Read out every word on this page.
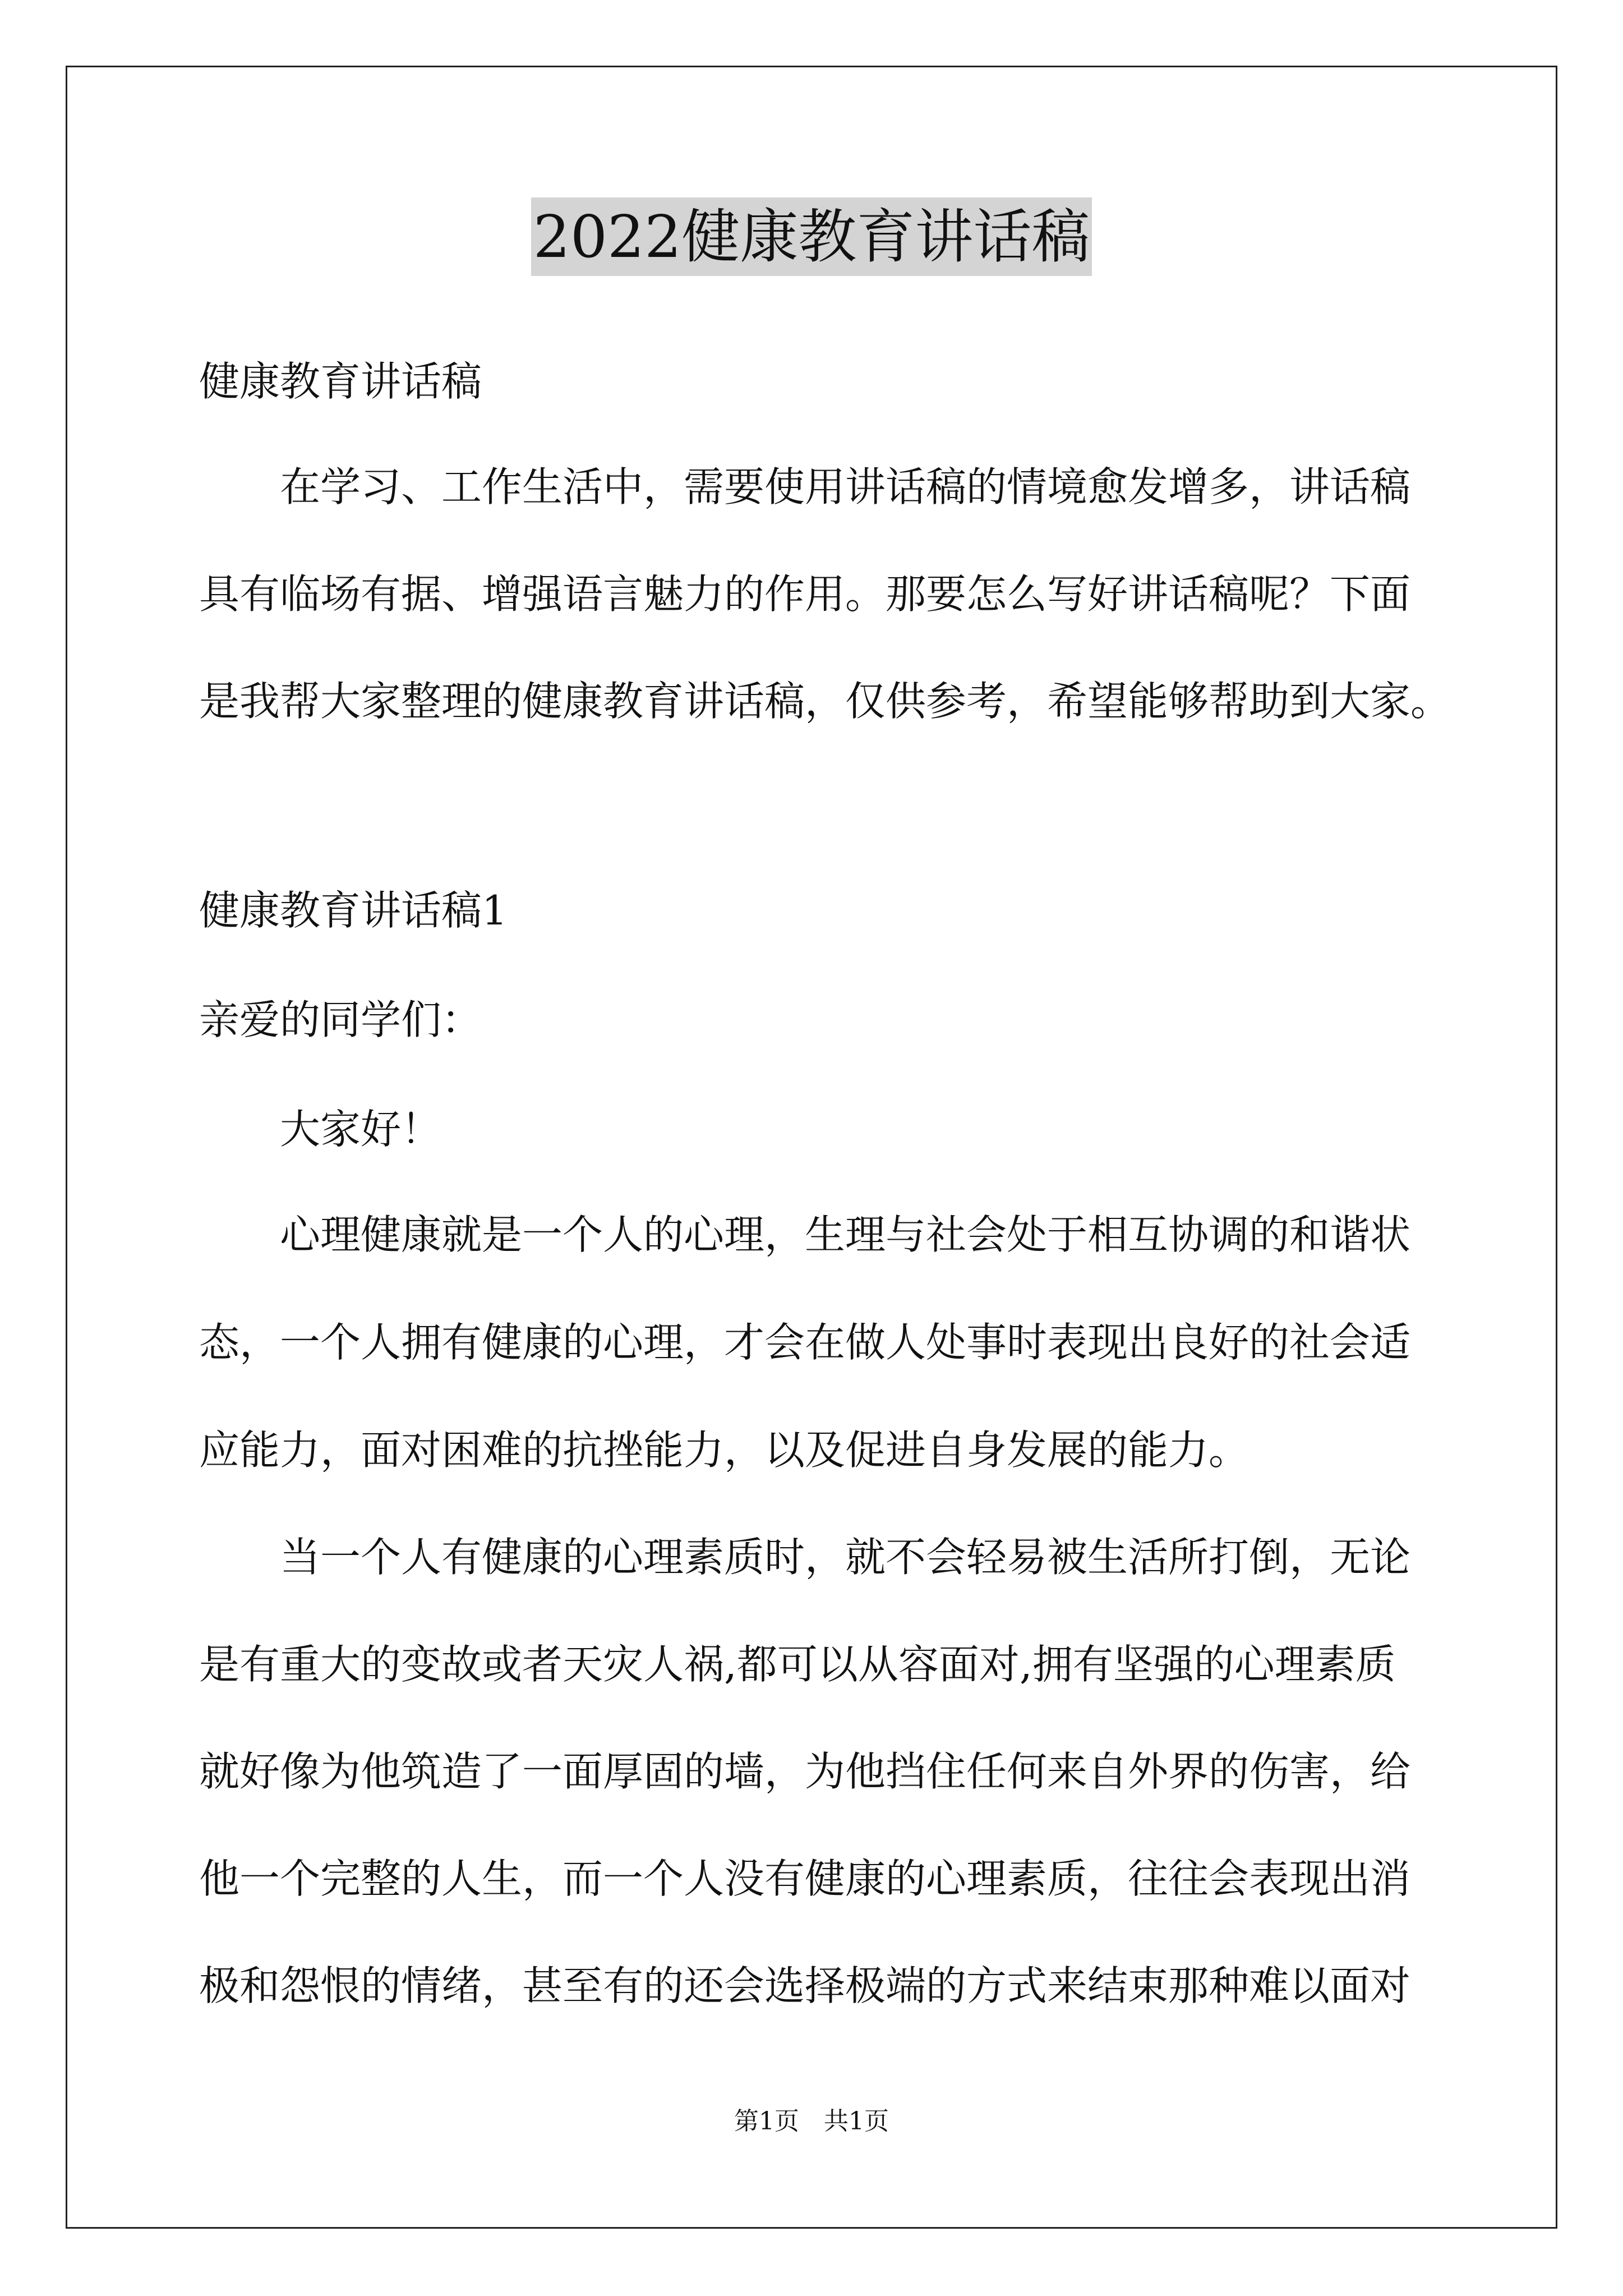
2022健康教育讲话稿
健康教育讲话稿
在学习、工作生活中，需要使用讲话稿的情境愈发增多，讲话稿
具有临场有据、增强语言魅力的作用。那要怎么写好讲话稿呢？下面
是我帮大家整理的健康教育讲话稿，仅供参考，希望能够帮助到大家。
健康教育讲话稿1
亲爱的同学们：
大家好！
心理健康就是一个人的心理，生理与社会处于相互协调的和谐状
态，一个人拥有健康的心理，才会在做人处事时表现出良好的社会适
应能力，面对困难的抗挫能力，以及促进自身发展的能力。
当一个人有健康的心理素质时，就不会轻易被生活所打倒，无论
是有重大的变故或者天灾人祸,都可以从容面对,拥有坚强的心理素质
就好像为他筑造了一面厚固的墙，为他挡住任何来自外界的伤害，给
他一个完整的人生，而一个人没有健康的心理素质，往往会表现出消
极和怨恨的情绪，甚至有的还会选择极端的方式来结束那种难以面对
第1页　共1页
